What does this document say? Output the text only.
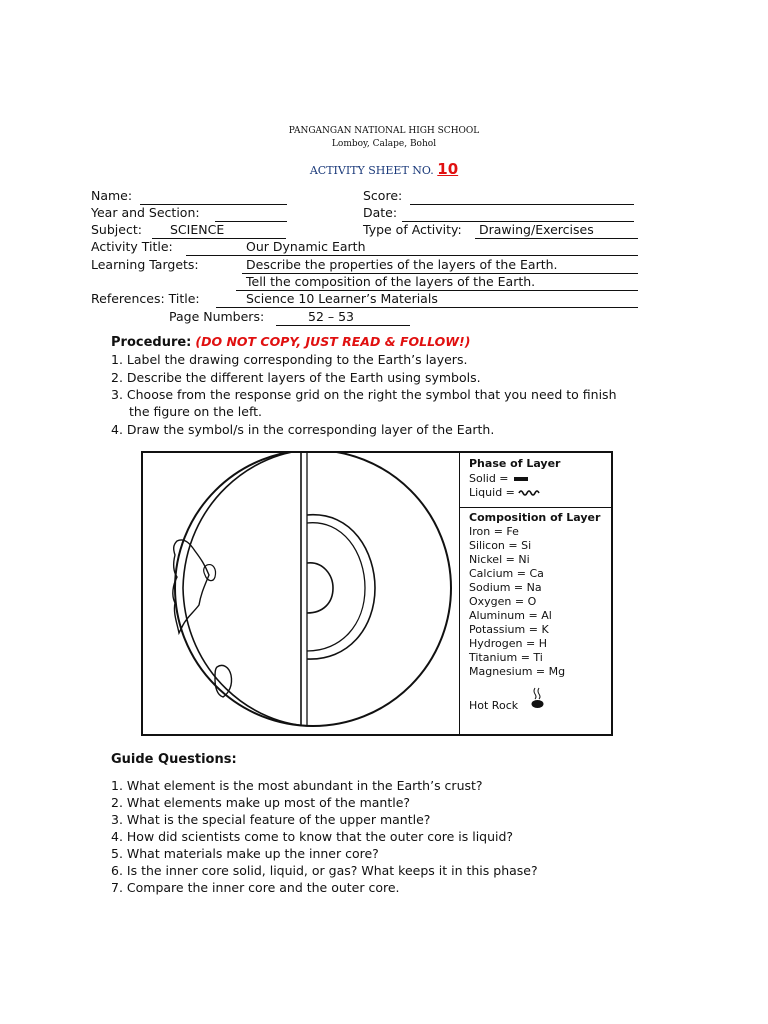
PANGANGAN NATIONAL HIGH SCHOOL
Lomboy, Calape, Bohol
ACTIVITY SHEET NO. 10
Name:	Score:
Year and Section:	Date:
Subject:	SCIENCE	Type of Activity:	Drawing/Exercises
Activity Title:	Our Dynamic Earth
Learning Targets:	Describe the properties of the layers of the Earth.
Tell the composition of the layers of the Earth.
References: Title:	Science 10 Learner’s Materials
Page Numbers:	52 – 53
Procedure: (DO NOT COPY, JUST READ & FOLLOW!)
1. Label the drawing corresponding to the Earth’s layers.
2. Describe the different layers of the Earth using symbols.
3. Choose from the response grid on the right the symbol that you need to finish
the figure on the left.
4. Draw the symbol/s in the corresponding layer of the Earth.
Phase of Layer
Solid =
Liquid =
Composition of Layer
Iron = Fe
Silicon = Si
Nickel = Ni
Calcium = Ca
Sodium = Na
Oxygen = O
Aluminum = Al
Potassium = K
Hydrogen = H
Titanium = Ti
Magnesium = Mg
Hot Rock
Guide Questions:
1. What element is the most abundant in the Earth’s crust?
2. What elements make up most of the mantle?
3. What is the special feature of the upper mantle?
4. How did scientists come to know that the outer core is liquid?
5. What materials make up the inner core?
6. Is the inner core solid, liquid, or gas? What keeps it in this phase?
7. Compare the inner core and the outer core.
